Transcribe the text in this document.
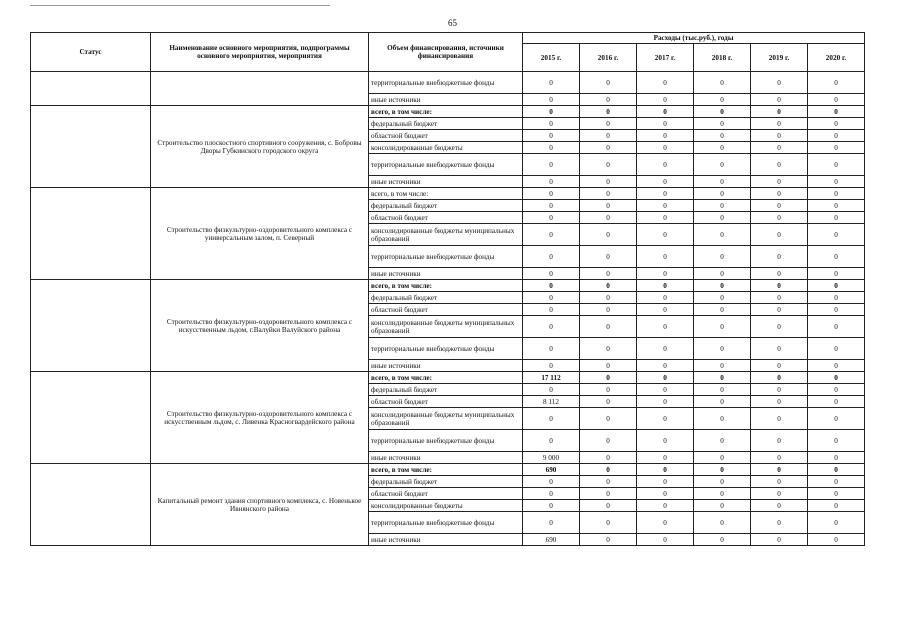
65
Статус	Наименование основного мероприятия, подпрограммы основного мероприятия, мероприятия	Объем финансирования, источники финансирования	Расходы (тыс.руб.), годы					
			2015 г.	2016 г.	2017 г.	2018 г.	2019 г.	2020 г.
		территориальные внебюджетные фонды	0	0	0	0	0	0
		иные источники	0	0	0	0	0	0
	Строительство плоскостного спортивного сооружения, с. Бобровы Дворы Губкинского городского округа	всего, в том числе:	0	0	0	0	0	0
		федеральный бюджет	0	0	0	0	0	0
		областной бюджет	0	0	0	0	0	0
		консолидированные бюджеты	0	0	0	0	0	0
		территориальные внебюджетные фонды	0	0	0	0	0	0
		иные источники	0	0	0	0	0	0
	Строительство физкультурно-оздоровительного комплекса с универсальным залом, п. Северный	всего, в том числе:	0	0	0	0	0	0
		федеральный бюджет	0	0	0	0	0	0
		областной бюджет	0	0	0	0	0	0
		консолидированные бюджеты муниципальных образований	0	0	0	0	0	0
		территориальные внебюджетные фонды	0	0	0	0	0	0
		иные источники	0	0	0	0	0	0
	Строительство физкультурно-оздоровительного комплекса с искусственным льдом, г.Валуйки Валуйского района	всего, в том числе:	0	0	0	0	0	0
		федеральный бюджет	0	0	0	0	0	0
		областной бюджет	0	0	0	0	0	0
		консолидированные бюджеты муниципальных образований	0	0	0	0	0	0
		территориальные внебюджетные фонды	0	0	0	0	0	0
		иные источники	0	0	0	0	0	0
	Строительство физкультурно-оздоровительного комплекса с искусственным льдом, с. Ливенка Красногвардейского района	всего, в том числе:	17 112	0	0	0	0	0
		федеральный бюджет	0	0	0	0	0	0
		областной бюджет	8 112	0	0	0	0	0
		консолидированные бюджеты муниципальных образований	0	0	0	0	0	0
		территориальные внебюджетные фонды	0	0	0	0	0	0
		иные источники	9 000	0	0	0	0	0
	Капитальный ремонт здания спортивного комплекса, с. Новенькое Ивнянского района	всего, в том числе:	690	0	0	0	0	0
		федеральный бюджет	0	0	0	0	0	0
		областной бюджет	0	0	0	0	0	0
		консолидированные бюджеты	0	0	0	0	0	0
		территориальные внебюджетные фонды	0	0	0	0	0	0
		иные источники	690	0	0	0	0	0
